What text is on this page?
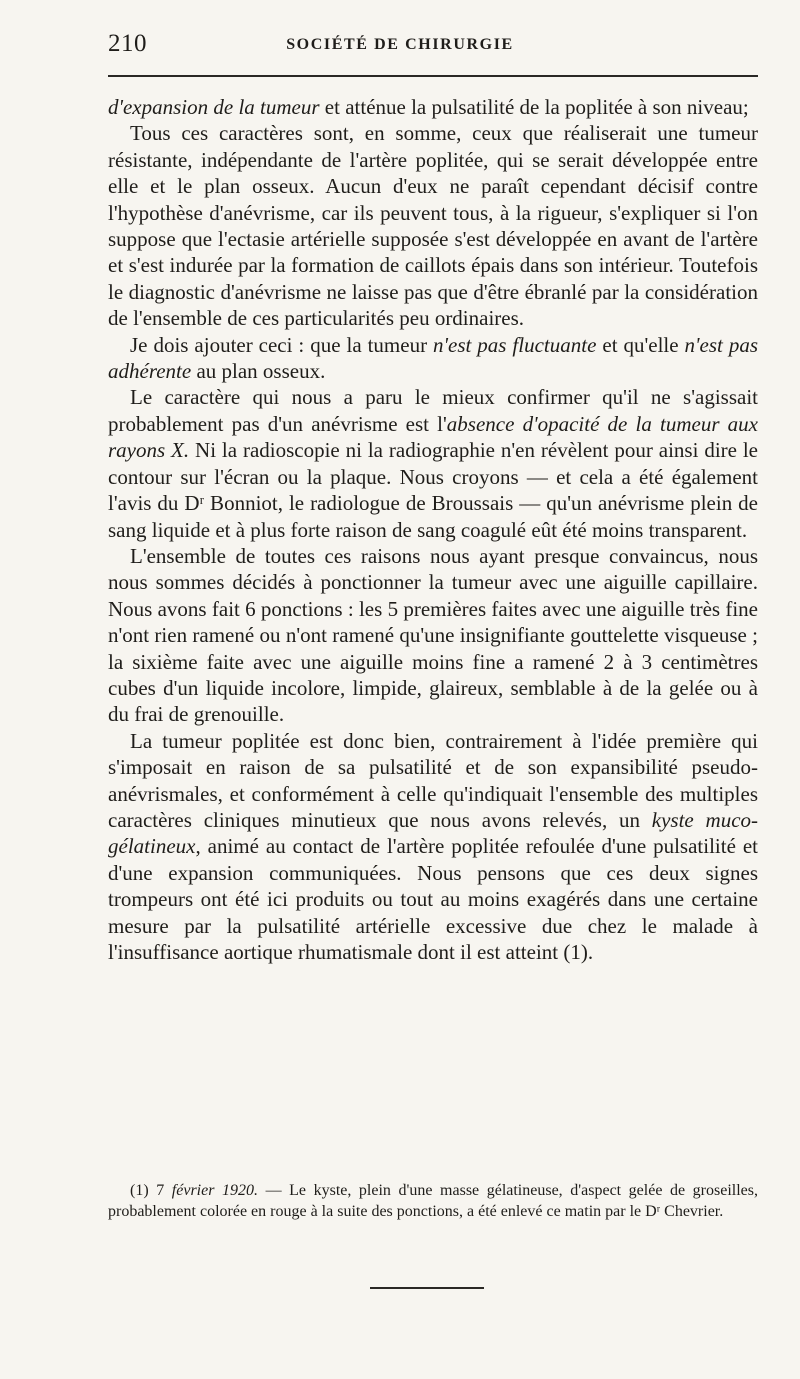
210	SOCIÉTÉ DE CHIRURGIE

d'expansion de la tumeur et atténue la pulsatilité de la poplitée à son niveau;

Tous ces caractères sont, en somme, ceux que réaliserait une tumeur résistante, indépendante de l'artère poplitée, qui se serait développée entre elle et le plan osseux. Aucun d'eux ne paraît cependant décisif contre l'hypothèse d'anévrisme, car ils peuvent tous, à la rigueur, s'expliquer si l'on suppose que l'ectasie artérielle supposée s'est développée en avant de l'artère et s'est indurée par la formation de caillots épais dans son intérieur. Toutefois le diagnostic d'anévrisme ne laisse pas que d'être ébranlé par la considération de l'ensemble de ces particularités peu ordinaires.

Je dois ajouter ceci : que la tumeur n'est pas fluctuante et qu'elle n'est pas adhérente au plan osseux.

Le caractère qui nous a paru le mieux confirmer qu'il ne s'agissait probablement pas d'un anévrisme est l'absence d'opacité de la tumeur aux rayons X. Ni la radioscopie ni la radiographie n'en révèlent pour ainsi dire le contour sur l'écran ou la plaque. Nous croyons — et cela a été également l'avis du Dʳ Bonniot, le radiologue de Broussais — qu'un anévrisme plein de sang liquide et à plus forte raison de sang coagulé eût été moins transparent.

L'ensemble de toutes ces raisons nous ayant presque convaincus, nous nous sommes décidés à ponctionner la tumeur avec une aiguille capillaire. Nous avons fait 6 ponctions : les 5 premières faites avec une aiguille très fine n'ont rien ramené ou n'ont ramené qu'une insignifiante gouttelette visqueuse ; la sixième faite avec une aiguille moins fine a ramené 2 à 3 centimètres cubes d'un liquide incolore, limpide, glaireux, semblable à de la gelée ou à du frai de grenouille.

La tumeur poplitée est donc bien, contrairement à l'idée première qui s'imposait en raison de sa pulsatilité et de son expansibilité pseudo-anévrismales, et conformément à celle qu'indiquait l'ensemble des multiples caractères cliniques minutieux que nous avons relevés, un kyste muco-gélatineux, animé au contact de l'artère poplitée refoulée d'une pulsatilité et d'une expansion communiquées. Nous pensons que ces deux signes trompeurs ont été ici produits ou tout au moins exagérés dans une certaine mesure par la pulsatilité artérielle excessive due chez le malade à l'insuffisance aortique rhumatismale dont il est atteint (1).

(1) 7 février 1920. — Le kyste, plein d'une masse gélatineuse, d'aspect gelée de groseilles, probablement colorée en rouge à la suite des ponctions, a été enlevé ce matin par le Dʳ Chevrier.
